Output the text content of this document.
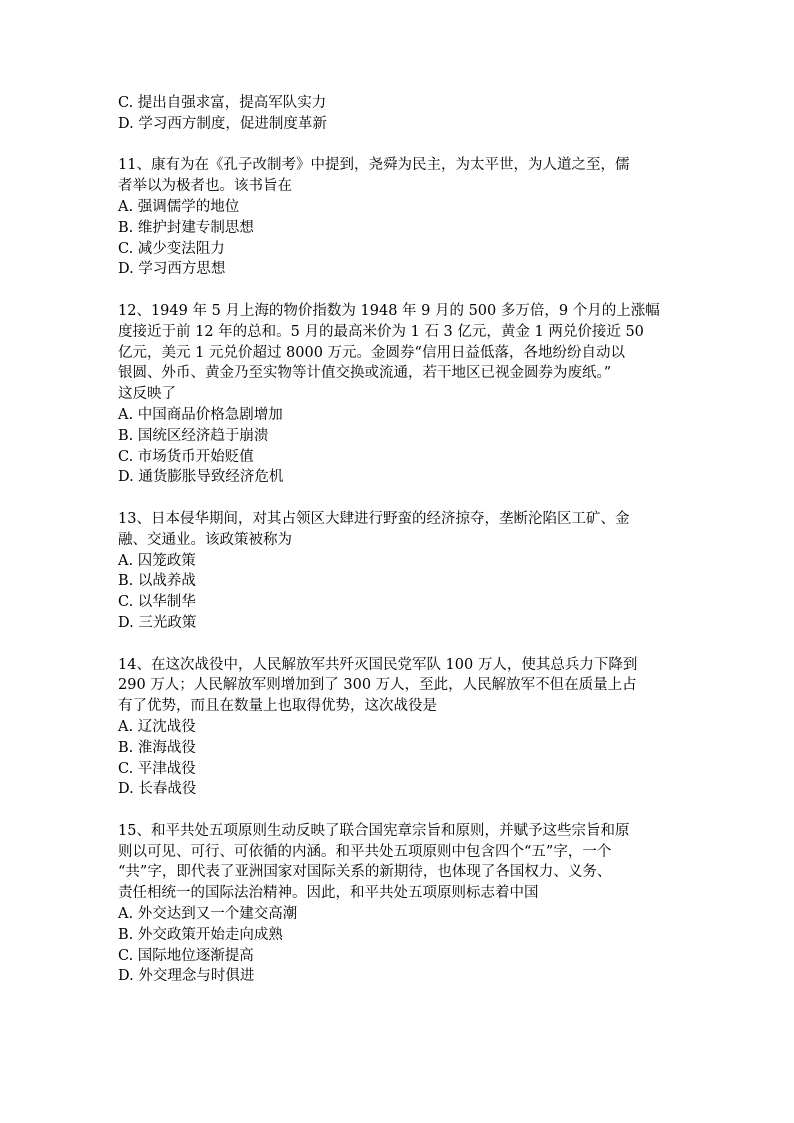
C. 提出自强求富，提高军队实力
D. 学习西方制度，促进制度革新
11、康有为在《孔子改制考》中提到，尧舜为民主，为太平世，为人道之至，儒
者举以为极者也。该书旨在
A. 强调儒学的地位
B. 维护封建专制思想
C. 减少变法阻力
D. 学习西方思想
12、1949 年 5 月上海的物价指数为 1948 年 9 月的 500 多万倍，9 个月的上涨幅
度接近于前 12 年的总和。5 月的最高米价为 1 石 3 亿元，黄金 1 两兑价接近 50
亿元，美元 1 元兑价超过 8000 万元。金圆券“信用日益低落，各地纷纷自动以
银圆、外币、黄金乃至实物等计值交换或流通，若干地区已视金圆券为废纸。”
这反映了
A. 中国商品价格急剧增加
B. 国统区经济趋于崩溃
C. 市场货币开始贬值
D. 通货膨胀导致经济危机
13、日本侵华期间，对其占领区大肆进行野蛮的经济掠夺，垄断沦陷区工矿、金
融、交通业。该政策被称为
A. 囚笼政策
B. 以战养战
C. 以华制华
D. 三光政策
14、在这次战役中，人民解放军共歼灭国民党军队 100 万人，使其总兵力下降到
290 万人；人民解放军则增加到了 300 万人，至此，人民解放军不但在质量上占
有了优势，而且在数量上也取得优势，这次战役是
A. 辽沈战役
B. 淮海战役
C. 平津战役
D. 长春战役
15、和平共处五项原则生动反映了联合国宪章宗旨和原则，并赋予这些宗旨和原
则以可见、可行、可依循的内涵。和平共处五项原则中包含四个“五”字，一个
“共”字，即代表了亚洲国家对国际关系的新期待，也体现了各国权力、义务、
责任相统一的国际法治精神。因此，和平共处五项原则标志着中国
A. 外交达到又一个建交高潮
B. 外交政策开始走向成熟
C. 国际地位逐渐提高
D. 外交理念与时俱进
